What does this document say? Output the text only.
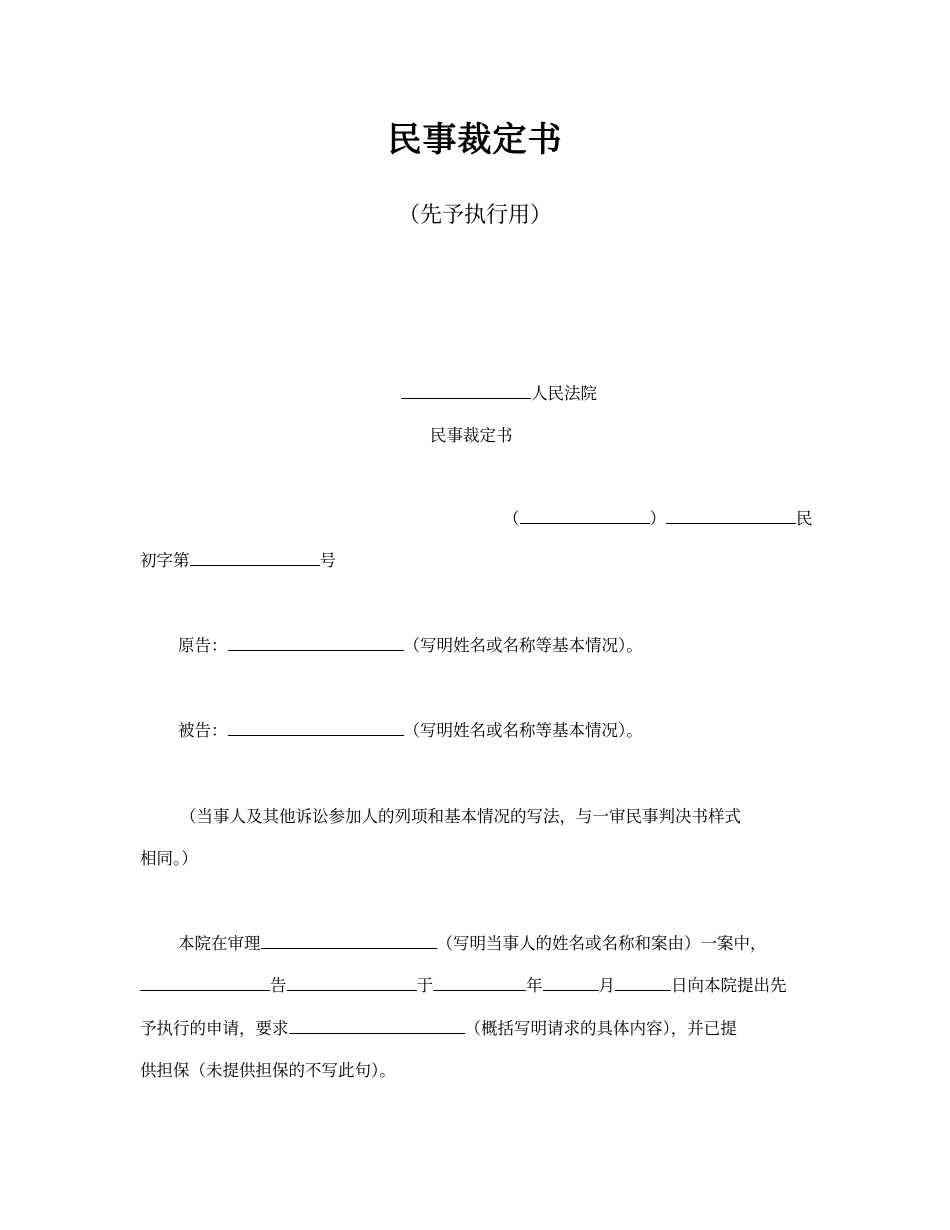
民事裁定书
（先予执行用）
人民法院
民事裁定书
（	）	民
初字第	号
原告：	（写明姓名或名称等基本情况）。
被告：	（写明姓名或名称等基本情况）。
（当事人及其他诉讼参加人的列项和基本情况的写法，与一审民事判决书样式
相同。）
本院在审理	（写明当事人的姓名或名称和案由）一案中，
告	于	年	月	日向本院提出先
予执行的申请，要求	（概括写明请求的具体内容），并已提
供担保（未提供担保的不写此句）。
